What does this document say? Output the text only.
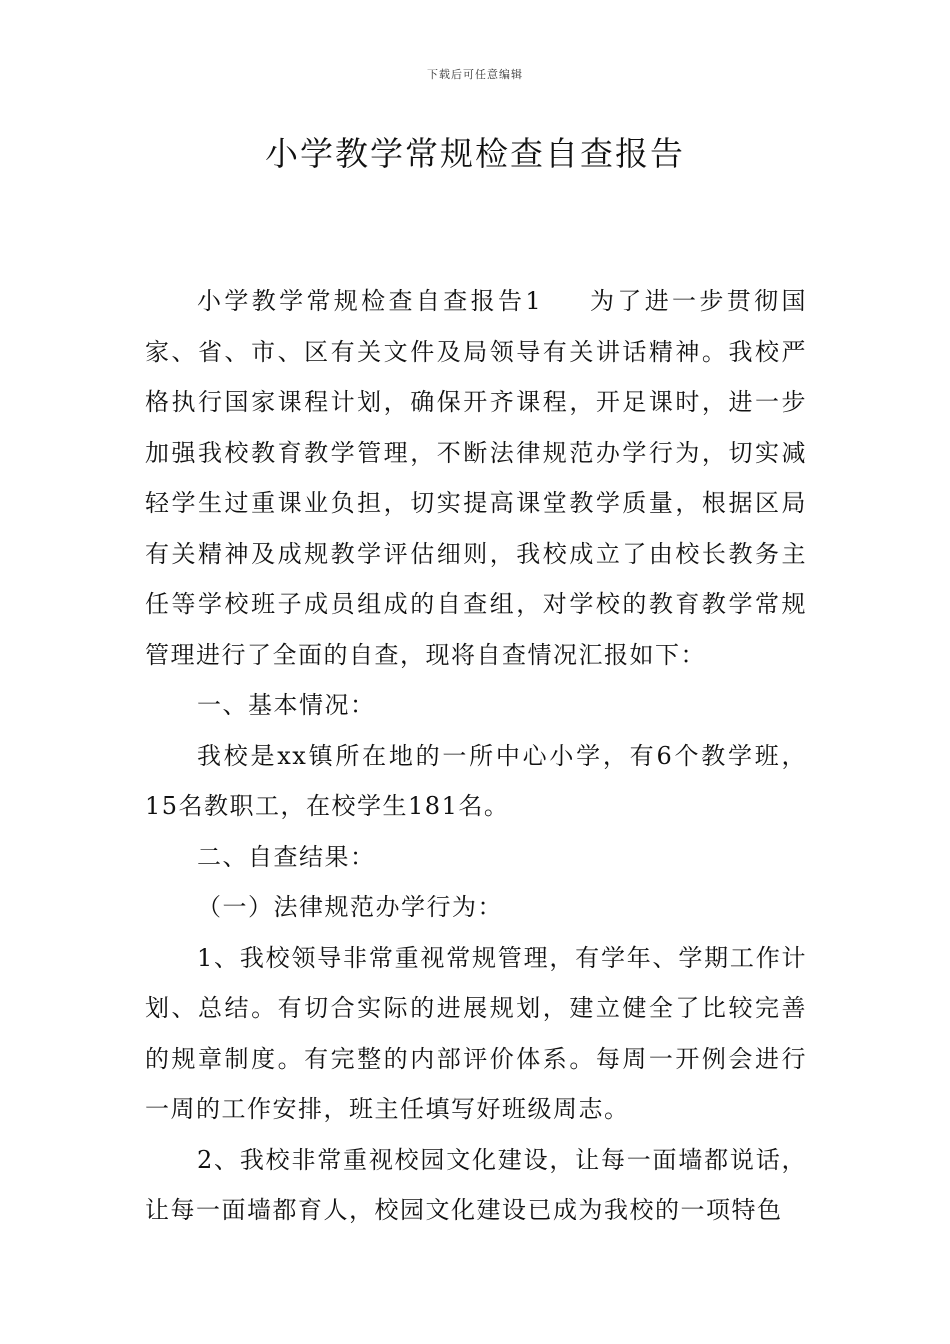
下载后可任意编辑
小学教学常规检查自查报告

小学教学常规检查自查报告1 为了进一步贯彻国家、省、市、区有关文件及局领导有关讲话精神。我校严格执行国家课程计划，确保开齐课程，开足课时，进一步加强我校教育教学管理，不断法律规范办学行为，切实减轻学生过重课业负担，切实提高课堂教学质量，根据区局有关精神及成规教学评估细则，我校成立了由校长教务主任等学校班子成员组成的自查组，对学校的教育教学常规管理进行了全面的自查，现将自查情况汇报如下：

一、基本情况：

我校是xx镇所在地的一所中心小学，有6个教学班，15名教职工，在校学生181名。

二、自查结果：

（一）法律规范办学行为：

1、我校领导非常重视常规管理，有学年、学期工作计划、总结。有切合实际的进展规划，建立健全了比较完善的规章制度。有完整的内部评价体系。每周一开例会进行一周的工作安排，班主任填写好班级周志。

2、我校非常重视校园文化建设，让每一面墙都说话，让每一面墙都育人，校园文化建设已成为我校的一项特色
